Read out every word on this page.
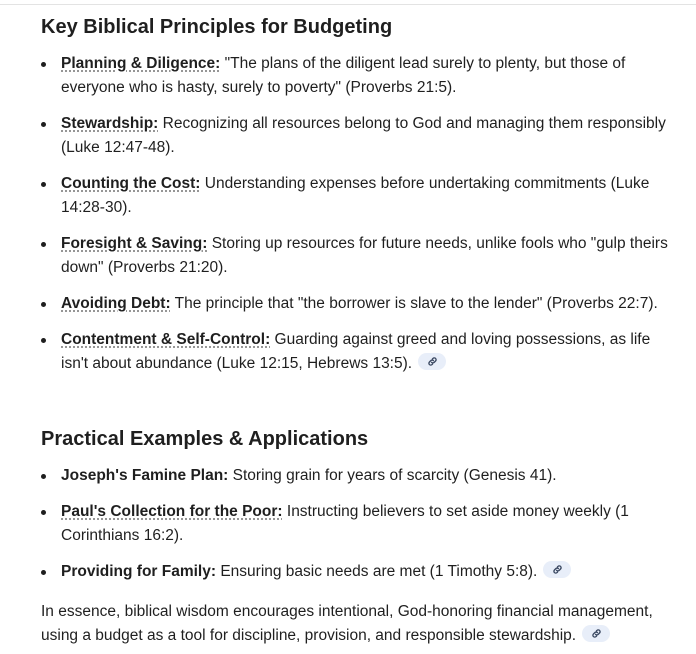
Key Biblical Principles for Budgeting
Planning & Diligence: "The plans of the diligent lead surely to plenty, but those of everyone who is hasty, surely to poverty" (Proverbs 21:5).
Stewardship: Recognizing all resources belong to God and managing them responsibly (Luke 12:47-48).
Counting the Cost: Understanding expenses before undertaking commitments (Luke 14:28-30).
Foresight & Saving: Storing up resources for future needs, unlike fools who "gulp theirs down" (Proverbs 21:20).
Avoiding Debt: The principle that "the borrower is slave to the lender" (Proverbs 22:7).
Contentment & Self-Control: Guarding against greed and loving possessions, as life isn't about abundance (Luke 12:15, Hebrews 13:5).
Practical Examples & Applications
Joseph's Famine Plan: Storing grain for years of scarcity (Genesis 41).
Paul's Collection for the Poor: Instructing believers to set aside money weekly (1 Corinthians 16:2).
Providing for Family: Ensuring basic needs are met (1 Timothy 5:8).

In essence, biblical wisdom encourages intentional, God-honoring financial management, using a budget as a tool for discipline, provision, and responsible stewardship.
